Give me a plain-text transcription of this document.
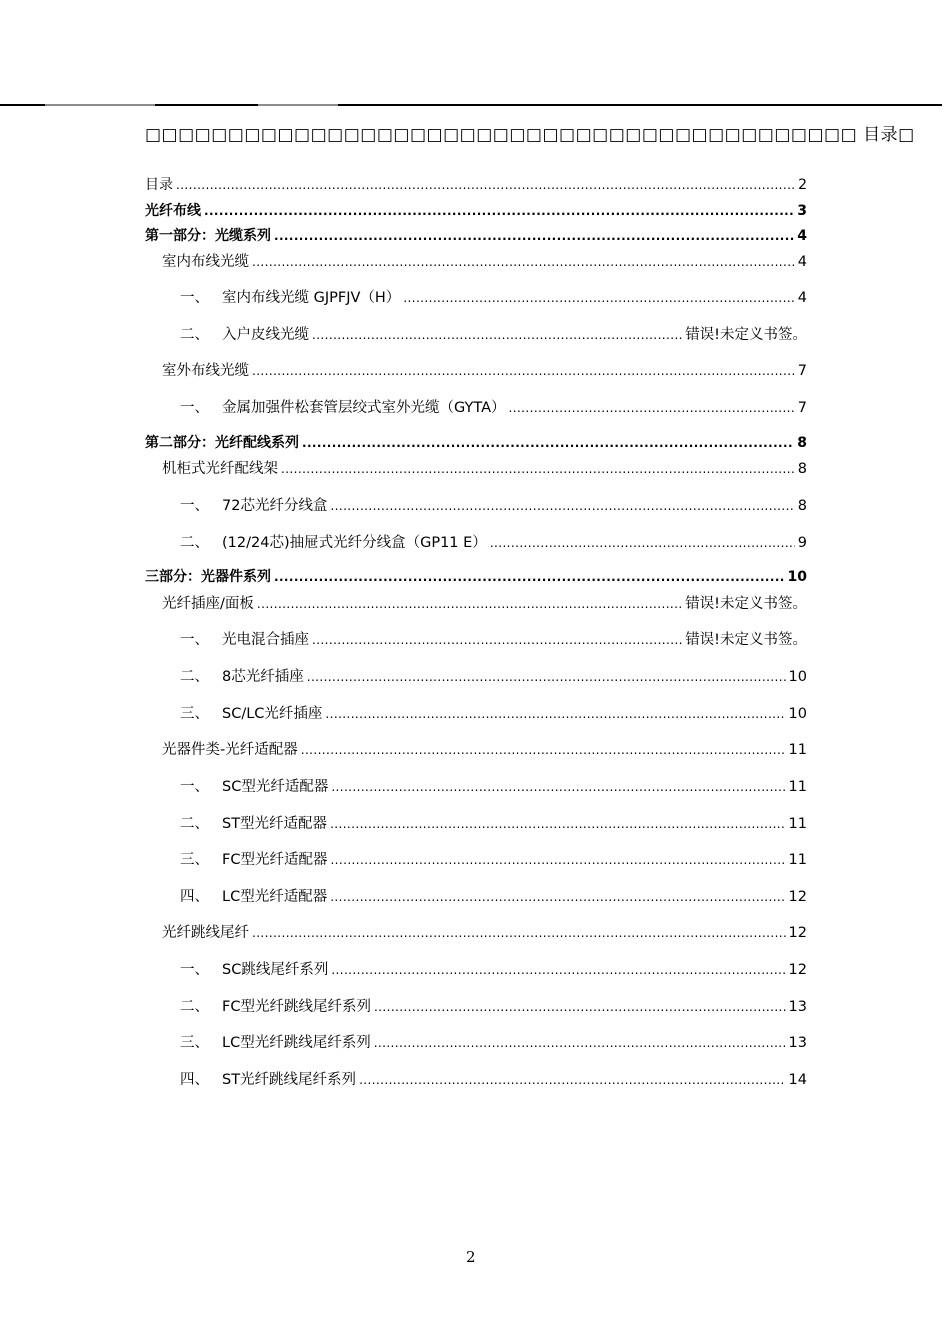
□□□□□□□□□□□□□□□□□□□□□□□□□□□□□□□□□□□□□□□□□□□ 目录□
目录 .....	2
光纤布线 .....	3
第一部分：光缆系列 .....	4
室内布线光缆 .....	4
一、 室内布线光缆 GJPFJV（H） .....	4
二、 入户皮线光缆 .....	错误!未定义书签。
室外布线光缆 .....	7
一、 金属加强件松套管层绞式室外光缆（GYTA） .....	7
第二部分：光纤配线系列 .....	8
机柜式光纤配线架 .....	8
一、 72芯光纤分线盒 .....	8
二、 (12/24芯)抽屉式光纤分线盒（GP11 E） .....	9
三部分：光器件系列 .....	10
光纤插座/面板 .....	错误!未定义书签。
一、 光电混合插座 .....	错误!未定义书签。
二、 8芯光纤插座 .....	10
三、 SC/LC光纤插座 .....	10
光器件类-光纤适配器 .....	11
一、 SC型光纤适配器 .....	11
二、 ST型光纤适配器 .....	11
三、 FC型光纤适配器 .....	11
四、 LC型光纤适配器 .....	12
光纤跳线尾纤 .....	12
一、 SC跳线尾纤系列 .....	12
二、 FC型光纤跳线尾纤系列 .....	13
三、 LC型光纤跳线尾纤系列 .....	13
四、 ST光纤跳线尾纤系列 .....	14
2
